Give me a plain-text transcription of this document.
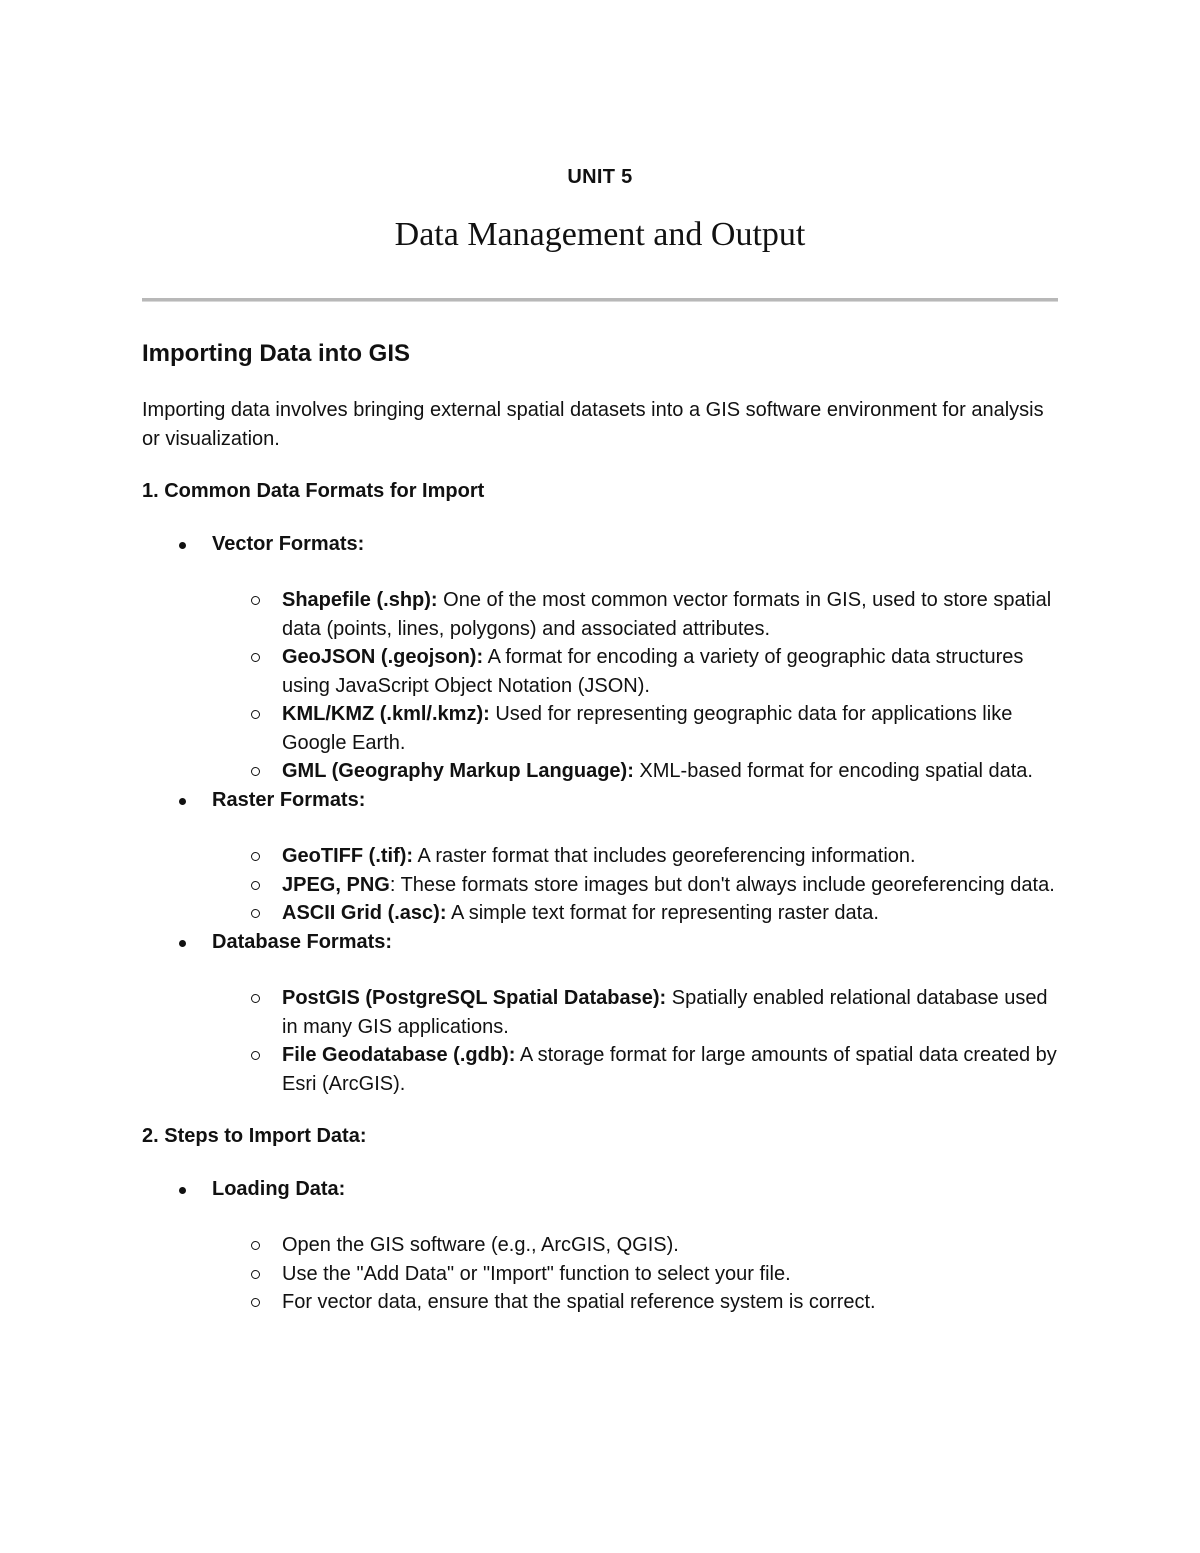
UNIT 5
Data Management and Output
Importing Data into GIS

Importing data involves bringing external spatial datasets into a GIS software environment for analysis or visualization.

1. Common Data Formats for Import
Vector Formats:
Shapefile (.shp): One of the most common vector formats in GIS, used to store spatial data (points, lines, polygons) and associated attributes.
GeoJSON (.geojson): A format for encoding a variety of geographic data structures using JavaScript Object Notation (JSON).
KML/KMZ (.kml/.kmz): Used for representing geographic data for applications like Google Earth.
GML (Geography Markup Language): XML-based format for encoding spatial data.
Raster Formats:
GeoTIFF (.tif): A raster format that includes georeferencing information.
JPEG, PNG: These formats store images but don't always include georeferencing data.
ASCII Grid (.asc): A simple text format for representing raster data.
Database Formats:
PostGIS (PostgreSQL Spatial Database): Spatially enabled relational database used in many GIS applications.
File Geodatabase (.gdb): A storage format for large amounts of spatial data created by Esri (ArcGIS).
2. Steps to Import Data:
Loading Data:
Open the GIS software (e.g., ArcGIS, QGIS).
Use the "Add Data" or "Import" function to select your file.
For vector data, ensure that the spatial reference system is correct.
